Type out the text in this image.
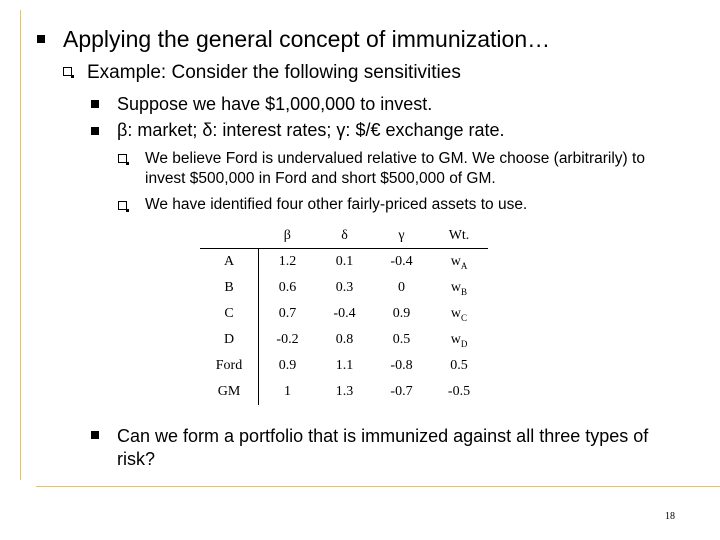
Applying the general concept of immunization…
Example: Consider the following sensitivities
Suppose we have $1,000,000 to invest.
β: market; δ: interest rates; γ: $/€ exchange rate.
We believe Ford is undervalued relative to GM. We choose (arbitrarily) to invest $500,000 in Ford and short $500,000 of GM.
We have identified four other fairly-priced assets to use.
	β	δ	γ	Wt.
A	1.2	0.1	-0.4	$w_A$
B	0.6	0.3	0	$w_B$
C	0.7	-0.4	0.9	$w_C$
D	-0.2	0.8	0.5	$w_D$
Ford	0.9	1.1	-0.8	0.5
GM	1	1.3	-0.7	-0.5
Can we form a portfolio that is immunized against all three types of risk?
18
